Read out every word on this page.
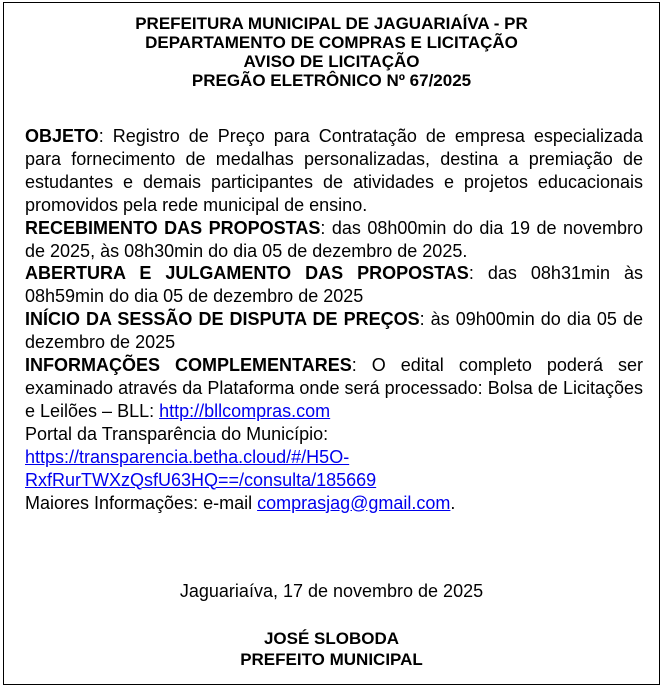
PREFEITURA MUNICIPAL DE JAGUARIAÍVA - PR
DEPARTAMENTO DE COMPRAS E LICITAÇÃO
AVISO DE LICITAÇÃO
PREGÃO ELETRÔNICO Nº 67/2025

OBJETO: Registro de Preço para Contratação de empresa especializada para fornecimento de medalhas personalizadas, destina a premiação de estudantes e demais participantes de atividades e projetos educacionais promovidos pela rede municipal de ensino.

RECEBIMENTO DAS PROPOSTAS: das 08h00min do dia 19 de novembro de 2025, às 08h30min do dia 05 de dezembro de 2025.

ABERTURA E JULGAMENTO DAS PROPOSTAS: das 08h31min às 08h59min do dia 05 de dezembro de 2025

INÍCIO DA SESSÃO DE DISPUTA DE PREÇOS: às 09h00min do dia 05 de dezembro de 2025

INFORMAÇÕES COMPLEMENTARES: O edital completo poderá ser examinado através da Plataforma onde será processado: Bolsa de Licitações e Leilões – BLL: http://bllcompras.com

Portal da Transparência do Município:

https://transparencia.betha.cloud/#/H5O-
RxfRurTWXzQsfU63HQ==/consulta/185669

Maiores Informações: e-mail comprasjag@gmail.com.

Jaguariaíva, 17 de novembro de 2025
JOSÉ SLOBODA
PREFEITO MUNICIPAL
